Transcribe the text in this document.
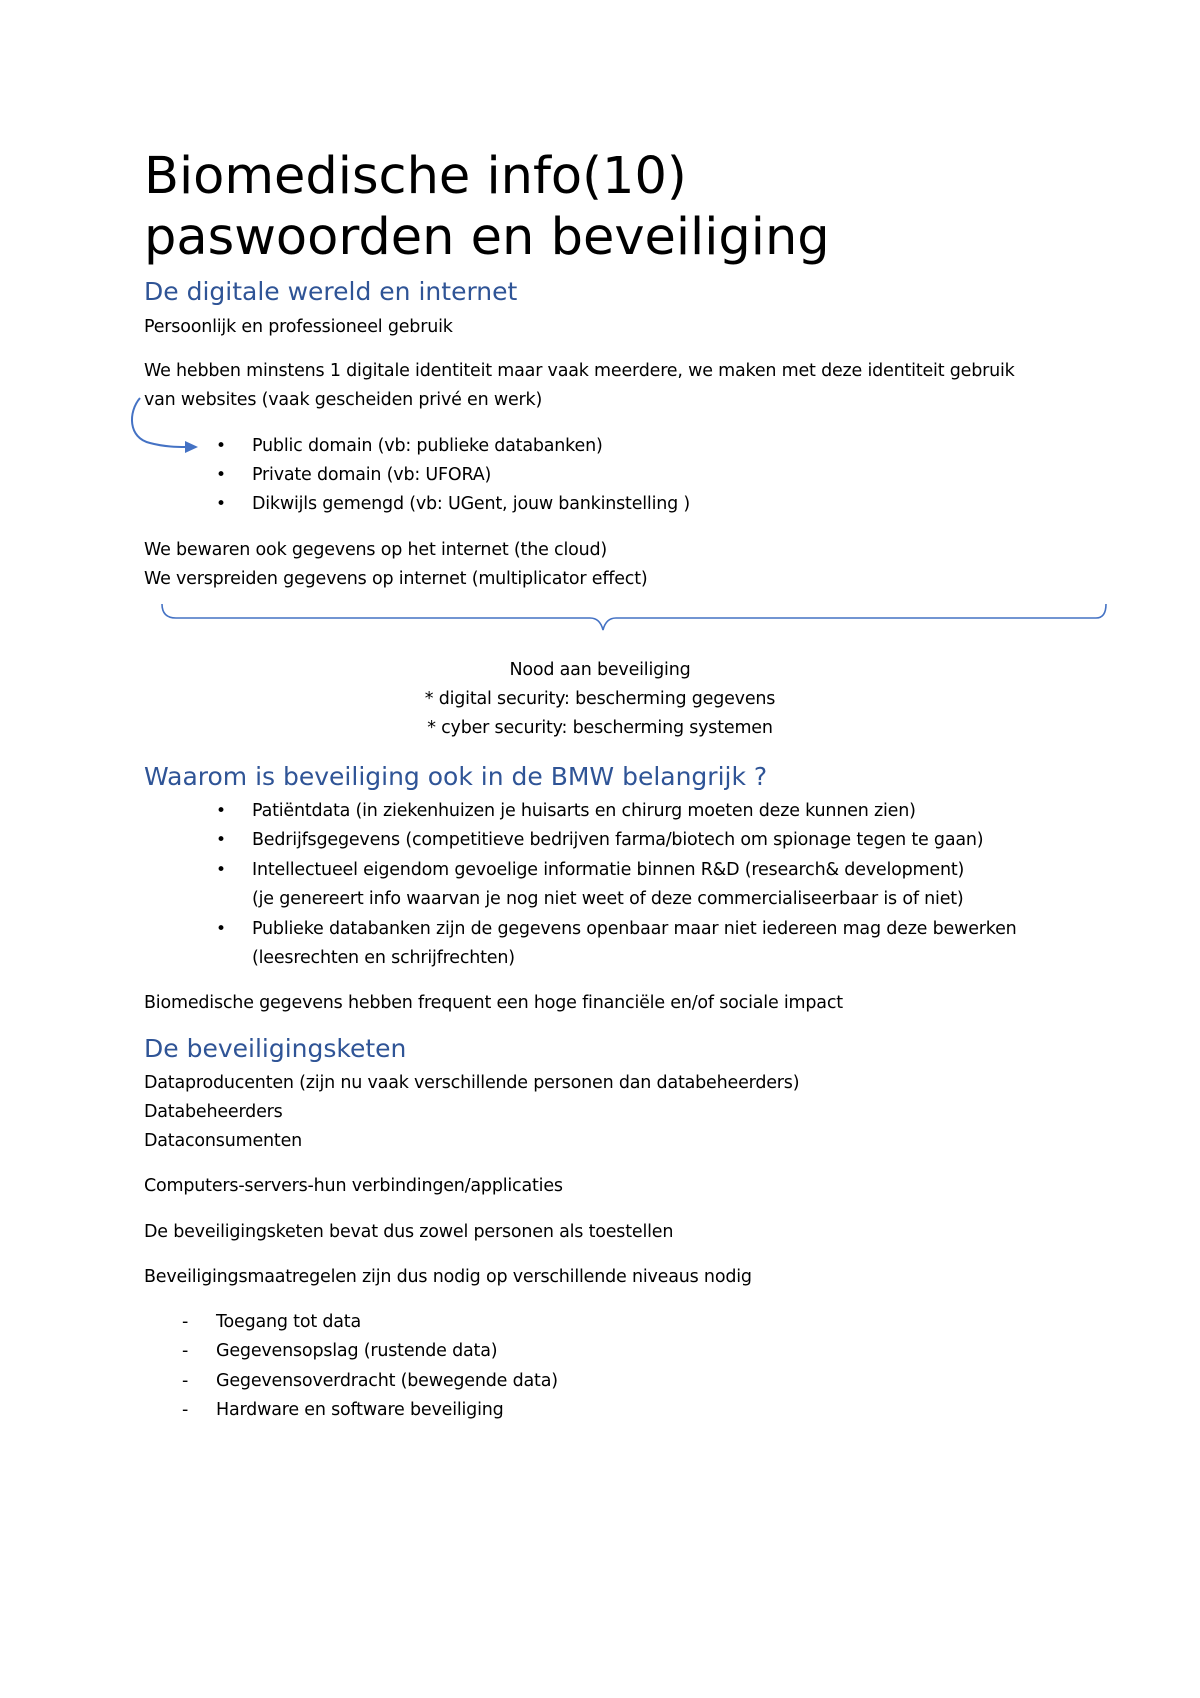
Biomedische info(10)
paswoorden en beveiliging
De digitale wereld en internet
Persoonlijk en professioneel gebruik
We hebben minstens 1 digitale identiteit maar vaak meerdere, we maken met deze identiteit gebruik
van websites (vaak gescheiden privé en werk)
• Public domain (vb: publieke databanken)
• Private domain (vb: UFORA)
• Dikwijls gemengd (vb: UGent, jouw bankinstelling )
We bewaren ook gegevens op het internet (the cloud)
We verspreiden gegevens op internet (multiplicator effect)
Nood aan beveiliging
* digital security: bescherming gegevens
* cyber security: bescherming systemen
Waarom is beveiliging ook in de BMW belangrijk ?
• Patiëntdata (in ziekenhuizen je huisarts en chirurg moeten deze kunnen zien)
• Bedrijfsgegevens (competitieve bedrijven farma/biotech om spionage tegen te gaan)
• Intellectueel eigendom gevoelige informatie binnen R&D (research& development)
(je genereert info waarvan je nog niet weet of deze commercialiseerbaar is of niet)
• Publieke databanken zijn de gegevens openbaar maar niet iedereen mag deze bewerken
(leesrechten en schrijfrechten)
Biomedische gegevens hebben frequent een hoge financiële en/of sociale impact
De beveiligingsketen
Dataproducenten (zijn nu vaak verschillende personen dan databeheerders)
Databeheerders
Dataconsumenten
Computers-servers-hun verbindingen/applicaties
De beveiligingsketen bevat dus zowel personen als toestellen
Beveiligingsmaatregelen zijn dus nodig op verschillende niveaus nodig
- Toegang tot data
- Gegevensopslag (rustende data)
- Gegevensoverdracht (bewegende data)
- Hardware en software beveiliging
